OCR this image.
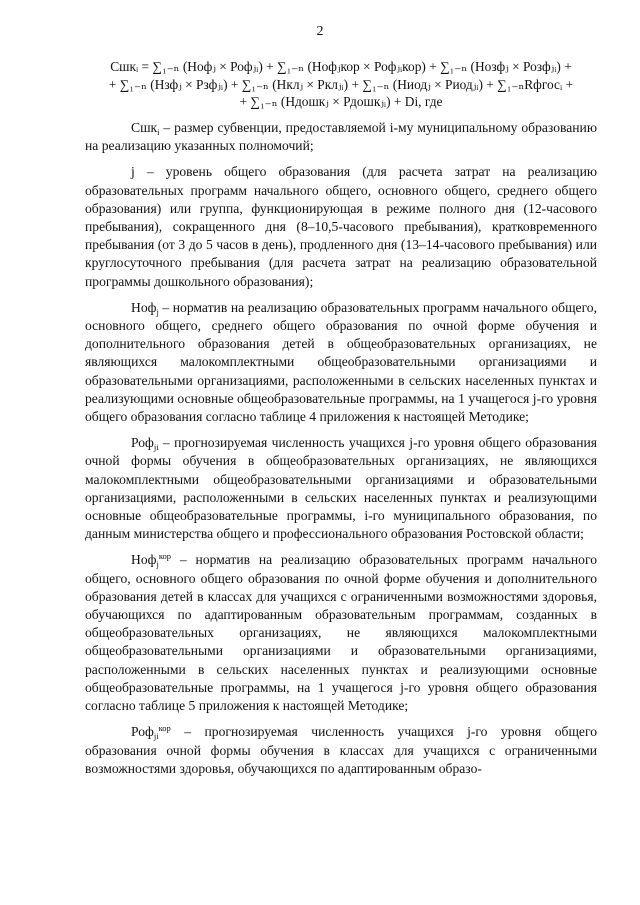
2
Сшкᵢ = ∑₁₋ₙ (Нофⱼ × Рофⱼᵢ) + ∑₁₋ₙ (Нофⱼкор × Рофⱼᵢкор) + ∑₁₋ₙ (Нозфⱼ × Розфⱼᵢ) +
+ ∑₁₋ₙ (Нзфⱼ × Рзфⱼᵢ) + ∑₁₋ₙ (Нклⱼ × Рклⱼᵢ) + ∑₁₋ₙ (Ниодⱼ × Риодⱼᵢ) + ∑₁₋ₙRфгосᵢ +
+ ∑₁₋ₙ (Ндошкⱼ × Рдошкⱼᵢ) + Di, где

Сшк$_i$ – размер субвенции, предоставляемой i-му муниципальному образованию на реализацию указанных полномочий;

j – уровень общего образования (для расчета затрат на реализацию образовательных программ начального общего, основного общего, среднего общего образования) или группа, функционирующая в режиме полного дня (12-часового пребывания), сокращенного дня (8–10,5-часового пребывания), кратковременного пребывания (от 3 до 5 часов в день), продленного дня (13–14-часового пребывания) или круглосуточного пребывания (для расчета затрат на реализацию образовательной программы дошкольного образования);

Ноф$_j$ – норматив на реализацию образовательных программ начального общего, основного общего, среднего общего образования по очной форме обучения и дополнительного образования детей в общеобразовательных организациях, не являющихся малокомплектными общеобразовательными организациями и образовательными организациями, расположенными в сельских населенных пунктах и реализующими основные общеобразовательные программы, на 1 учащегося j-го уровня общего образования согласно таблице 4 приложения к настоящей Методике;

Роф$_{ji}$ – прогнозируемая численность учащихся j-го уровня общего образования очной формы обучения в общеобразовательных организациях, не являющихся малокомплектными общеобразовательными организациями и образовательными организациями, расположенными в сельских населенных пунктах и реализующими основные общеобразовательные программы, i-го муниципального образования, по данным министерства общего и профессионального образования Ростовской области;

Ноф$_j^{кор}$ – норматив на реализацию образовательных программ начального общего, основного общего образования по очной форме обучения и дополнительного образования детей в классах для учащихся с ограниченными возможностями здоровья, обучающихся по адаптированным образовательным программам, созданных в общеобразовательных организациях, не являющихся малокомплектными общеобразовательными организациями и образовательными организациями, расположенными в сельских населенных пунктах и реализующими основные общеобразовательные программы, на 1 учащегося j-го уровня общего образования согласно таблице 5 приложения к настоящей Методике;

Роф$_{ji}^{кор}$ – прогнозируемая численность учащихся j-го уровня общего образования очной формы обучения в классах для учащихся с ограниченными возможностями здоровья, обучающихся по адаптированным образо-
